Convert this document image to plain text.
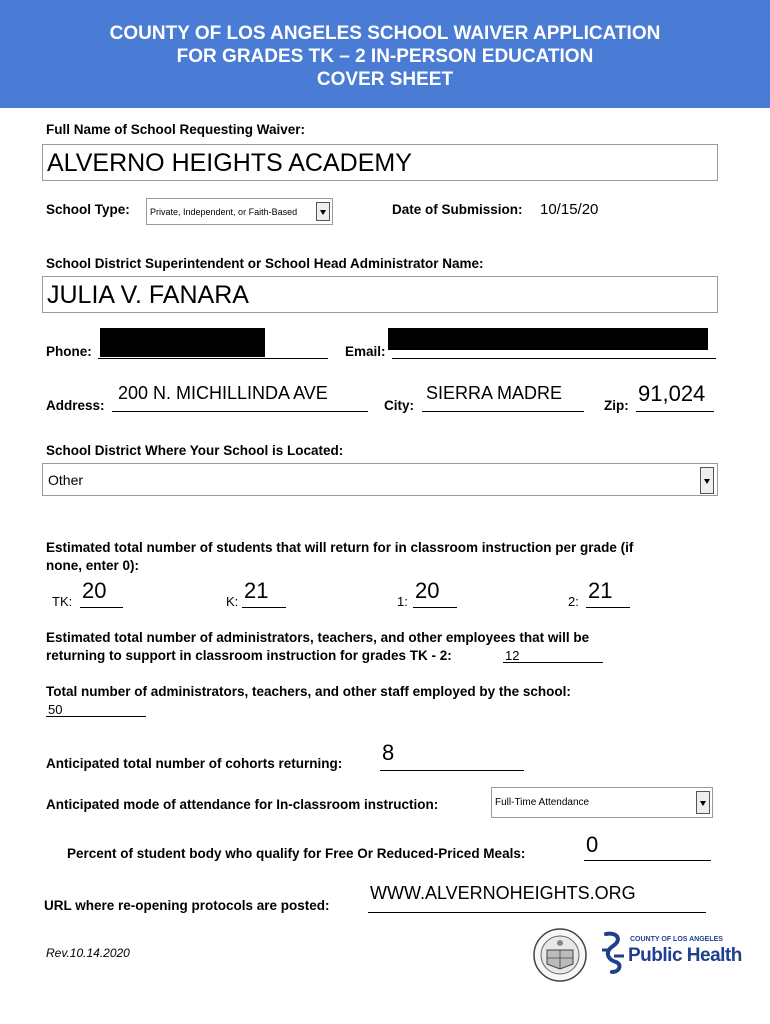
COUNTY OF LOS ANGELES SCHOOL WAIVER APPLICATION
FOR GRADES TK – 2 IN-PERSON EDUCATION
COVER SHEET
Full Name of School Requesting Waiver:
ALVERNO HEIGHTS ACADEMY
School Type: Private, Independent, or Faith-Based	Date of Submission: 10/15/20
School District Superintendent or School Head Administrator Name:
JULIA V. FANARA
Phone:	Email:
Address:
200 N. MICHILLINDA AVE
City:
SIERRA MADRE
Zip: 91,024
School District Where Your School is Located:
Other
Estimated total number of students that will return for in classroom instruction per grade (if
none, enter 0):
TK: 20	K: 21	1: 20	2: 21
Estimated total number of administrators, teachers, and other employees that will be
returning to support in classroom instruction for grades TK - 2:	12
Total number of administrators, teachers, and other staff employed by the school:
50
Anticipated total number of cohorts returning: 8
Anticipated mode of attendance for In-classroom instruction:	Full-Time Attendance
Percent of student body who qualify for Free Or Reduced-Priced Meals:	0
URL where re-opening protocols are posted:
WWW.ALVERNOHEIGHTS.ORG
Rev.10.14.2020
COUNTY OF LOS ANGELES
Public Health
